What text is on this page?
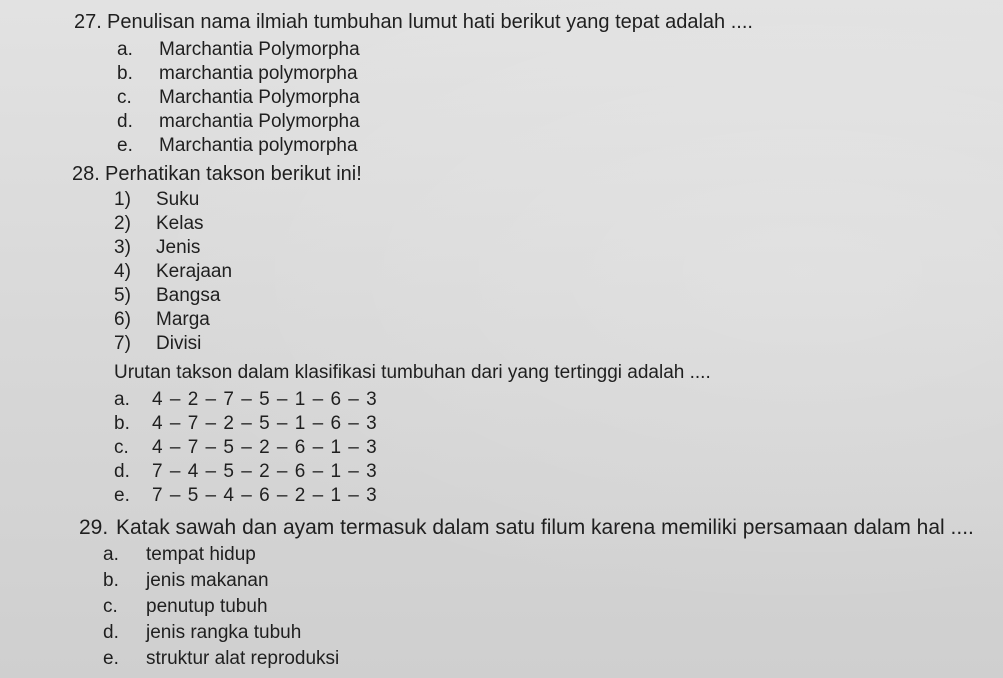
27. Penulisan nama ilmiah tumbuhan lumut hati berikut yang tepat adalah ....
a. Marchantia Polymorpha
b. marchantia polymorpha
c. Marchantia Polymorpha
d. marchantia Polymorpha
e. Marchantia polymorpha
28. Perhatikan takson berikut ini!
1) Suku
2) Kelas
3) Jenis
4) Kerajaan
5) Bangsa
6) Marga
7) Divisi
Urutan takson dalam klasifikasi tumbuhan dari yang tertinggi adalah ....
a. 4 – 2 – 7 – 5 – 1 – 6 – 3
b. 4 – 7 – 2 – 5 – 1 – 6 – 3
c. 4 – 7 – 5 – 2 – 6 – 1 – 3
d. 7 – 4 – 5 – 2 – 6 – 1 – 3
e. 7 – 5 – 4 – 6 – 2 – 1 – 3
29. Katak sawah dan ayam termasuk dalam satu filum karena memiliki persamaan dalam hal ....
a. tempat hidup
b. jenis makanan
c. penutup tubuh
d. jenis rangka tubuh
e. struktur alat reproduksi
